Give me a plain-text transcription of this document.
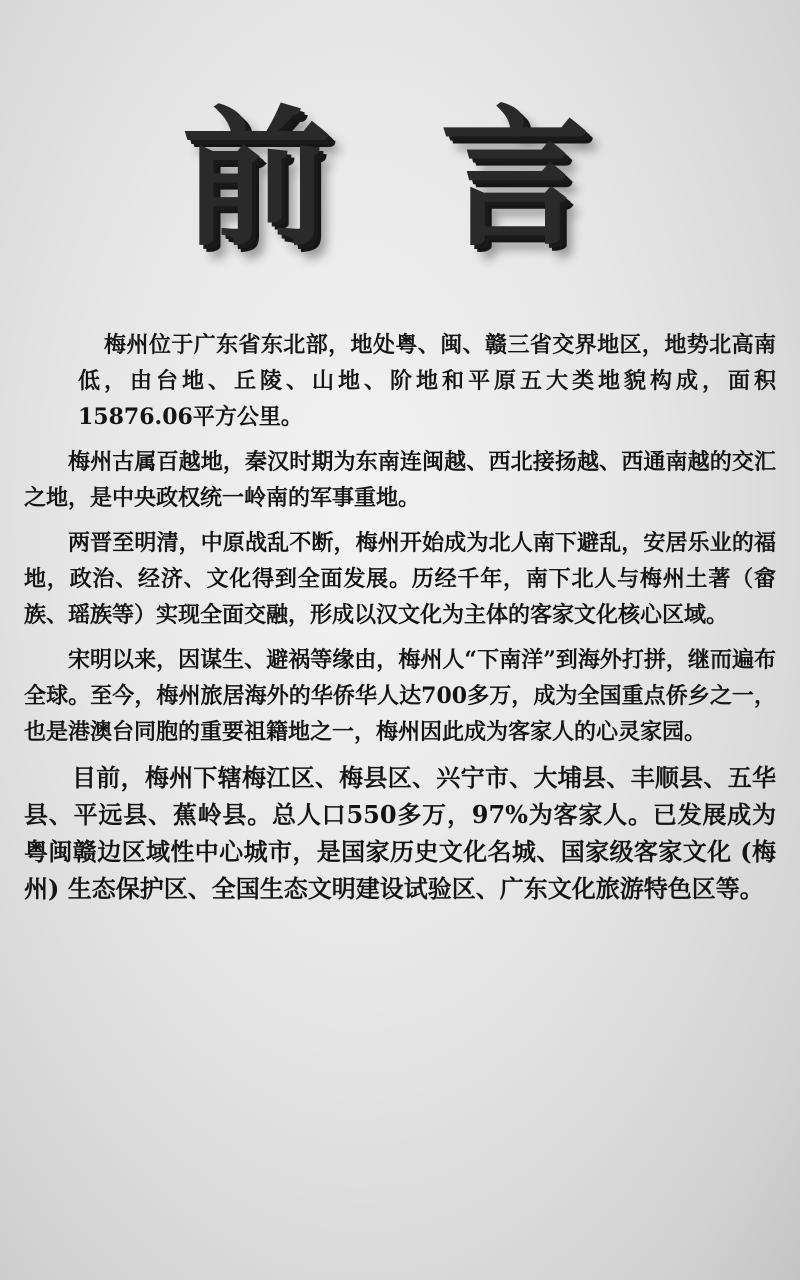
前 言

梅州位于广东省东北部，地处粤、闽、赣三省交界地区，地势北高南低，由台地、丘陵、山地、阶地和平原五大类地貌构成，面积15876.06平方公里。

梅州古属百越地，秦汉时期为东南连闽越、西北接扬越、西通南越的交汇之地，是中央政权统一岭南的军事重地。

两晋至明清，中原战乱不断，梅州开始成为北人南下避乱，安居乐业的福地，政治、经济、文化得到全面发展。历经千年，南下北人与梅州土著（畲族、瑶族等）实现全面交融，形成以汉文化为主体的客家文化核心区域。

宋明以来，因谋生、避祸等缘由，梅州人“下南洋”到海外打拼，继而遍布全球。至今，梅州旅居海外的华侨华人达700多万，成为全国重点侨乡之一，也是港澳台同胞的重要祖籍地之一，梅州因此成为客家人的心灵家园。

目前，梅州下辖梅江区、梅县区、兴宁市、大埔县、丰顺县、五华县、平远县、蕉岭县。总人口550多万，97%为客家人。已发展成为粤闽赣边区域性中心城市，是国家历史文化名城、国家级客家文化 (梅州) 生态保护区、全国生态文明建设试验区、广东文化旅游特色区等。
